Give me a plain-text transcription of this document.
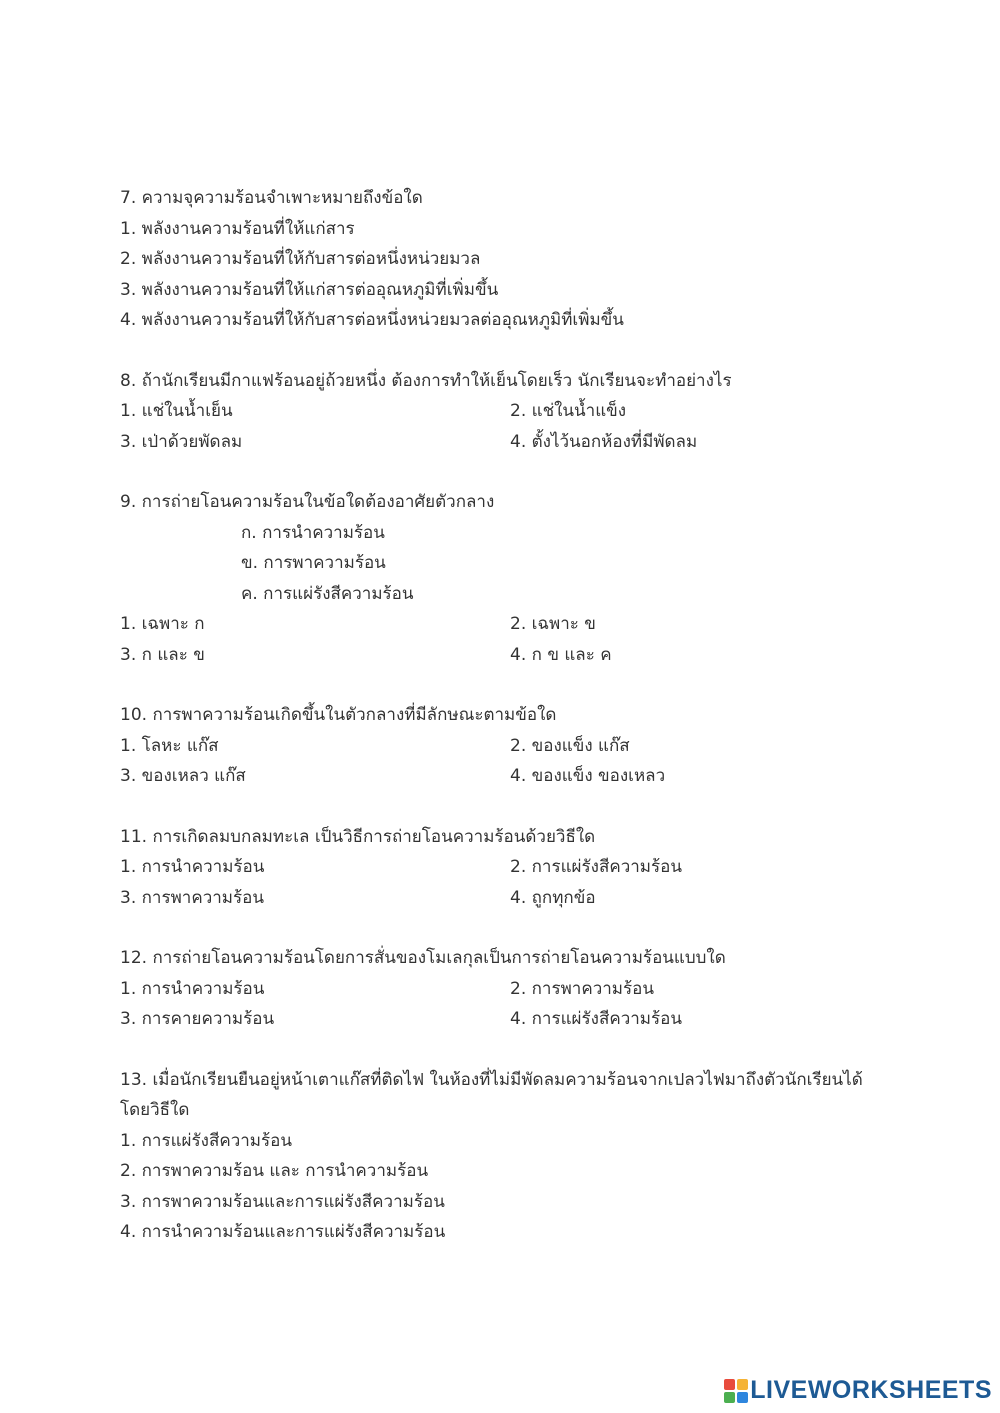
7. ความจุความร้อนจำเพาะหมายถึงข้อใด
1. พลังงานความร้อนที่ให้แก่สาร
2. พลังงานความร้อนที่ให้กับสารต่อหนึ่งหน่วยมวล
3. พลังงานความร้อนที่ให้แก่สารต่ออุณหภูมิที่เพิ่มขึ้น
4. พลังงานความร้อนที่ให้กับสารต่อหนึ่งหน่วยมวลต่ออุณหภูมิที่เพิ่มขึ้น
8. ถ้านักเรียนมีกาแฟร้อนอยู่ถ้วยหนึ่ง ต้องการทำให้เย็นโดยเร็ว นักเรียนจะทำอย่างไร
1. แช่ในน้ำเย็น	2. แช่ในน้ำแข็ง
3. เป่าด้วยพัดลม	4. ตั้งไว้นอกห้องที่มีพัดลม
9. การถ่ายโอนความร้อนในข้อใดต้องอาศัยตัวกลาง
ก. การนำความร้อน
ข. การพาความร้อน
ค. การแผ่รังสีความร้อน
1. เฉพาะ ก	2. เฉพาะ ข
3. ก และ ข	4. ก ข และ ค
10. การพาความร้อนเกิดขึ้นในตัวกลางที่มีลักษณะตามข้อใด
1. โลหะ แก๊ส	2. ของแข็ง แก๊ส
3. ของเหลว แก๊ส	4. ของแข็ง ของเหลว
11. การเกิดลมบกลมทะเล เป็นวิธีการถ่ายโอนความร้อนด้วยวิธีใด
1. การนำความร้อน	2. การแผ่รังสีความร้อน
3. การพาความร้อน	4. ถูกทุกข้อ
12. การถ่ายโอนความร้อนโดยการสั่นของโมเลกุลเป็นการถ่ายโอนความร้อนแบบใด
1. การนำความร้อน	2. การพาความร้อน
3. การคายความร้อน	4. การแผ่รังสีความร้อน
13. เมื่อนักเรียนยืนอยู่หน้าเตาแก๊สที่ติดไฟ ในห้องที่ไม่มีพัดลมความร้อนจากเปลวไฟมาถึงตัวนักเรียนได้โดยวิธีใด
1. การแผ่รังสีความร้อน
2. การพาความร้อน และ การนำความร้อน
3. การพาความร้อนและการแผ่รังสีความร้อน
4. การนำความร้อนและการแผ่รังสีความร้อน
LIVEWORKSHEETS
